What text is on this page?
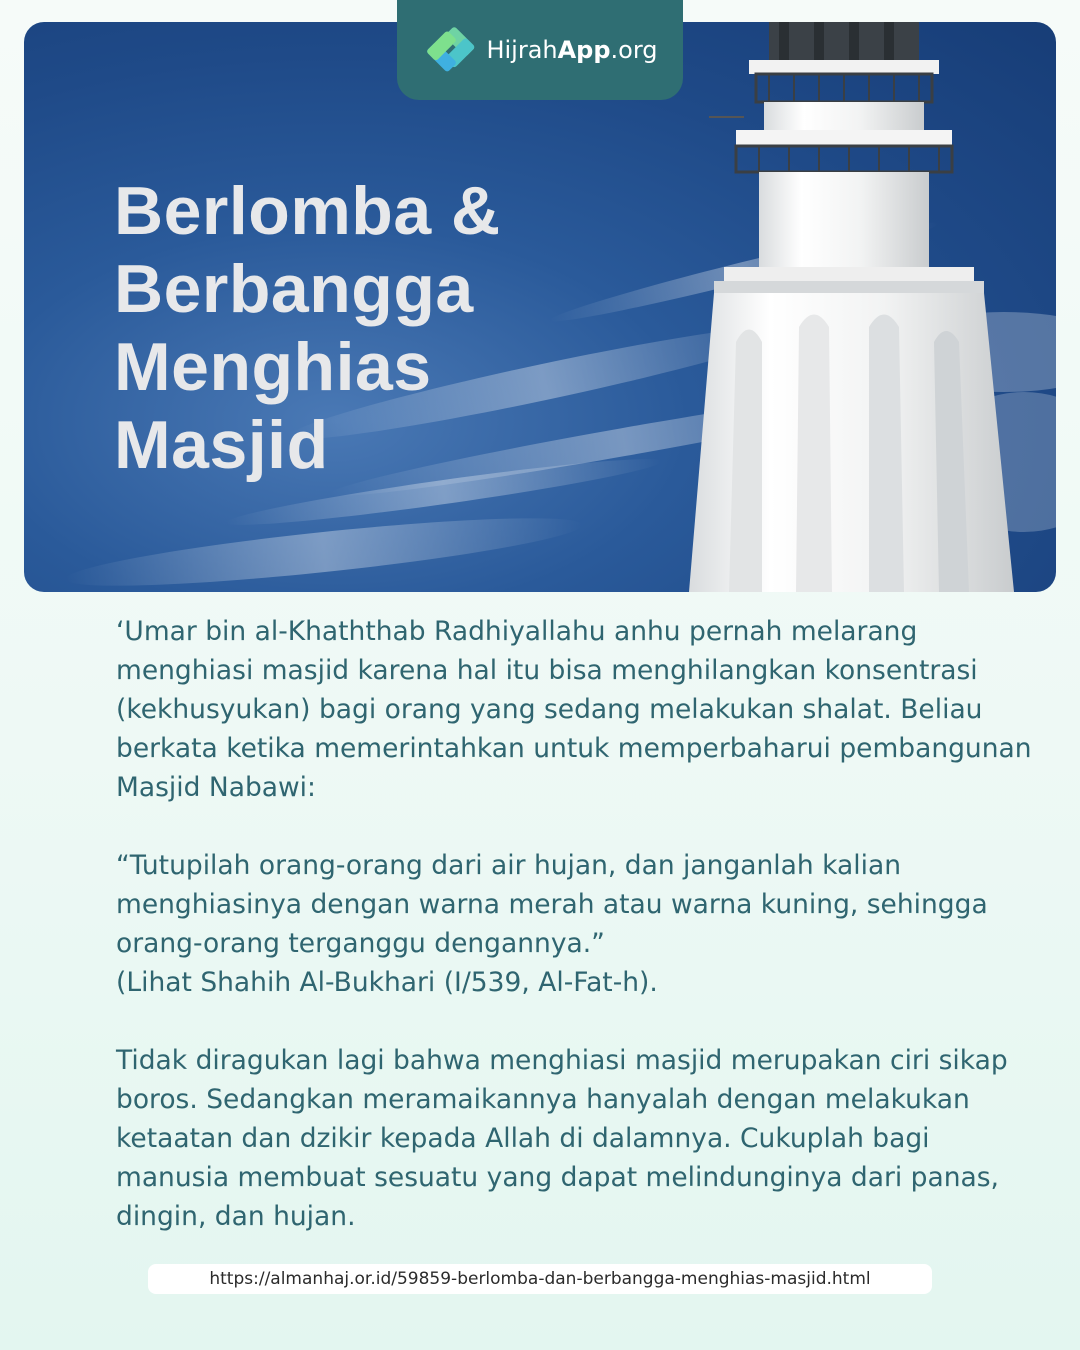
Berlomba &
Berbangga
Menghias
Masjid
HijrahApp.org

‘Umar bin al-Khaththab Radhiyallahu anhu pernah melarang menghiasi masjid karena hal itu bisa menghilangkan konsentrasi (kekhusyukan) bagi orang yang sedang melakukan shalat. Beliau berkata ketika memerintahkan untuk memperbaharui pembangunan Masjid Nabawi:

“Tutupilah orang-orang dari air hujan, dan janganlah kalian menghiasinya dengan warna merah atau warna kuning, sehingga orang-orang terganggu dengannya.”

(Lihat Shahih Al-Bukhari (I/539, Al-Fat-h).

Tidak diragukan lagi bahwa menghiasi masjid merupakan ciri sikap boros. Sedangkan meramaikannya hanyalah dengan melakukan ketaatan dan dzikir kepada Allah di dalamnya. Cukuplah bagi manusia membuat sesuatu yang dapat melindunginya dari panas, dingin, dan hujan.

https://almanhaj.or.id/59859-berlomba-dan-berbangga-menghias-masjid.html
